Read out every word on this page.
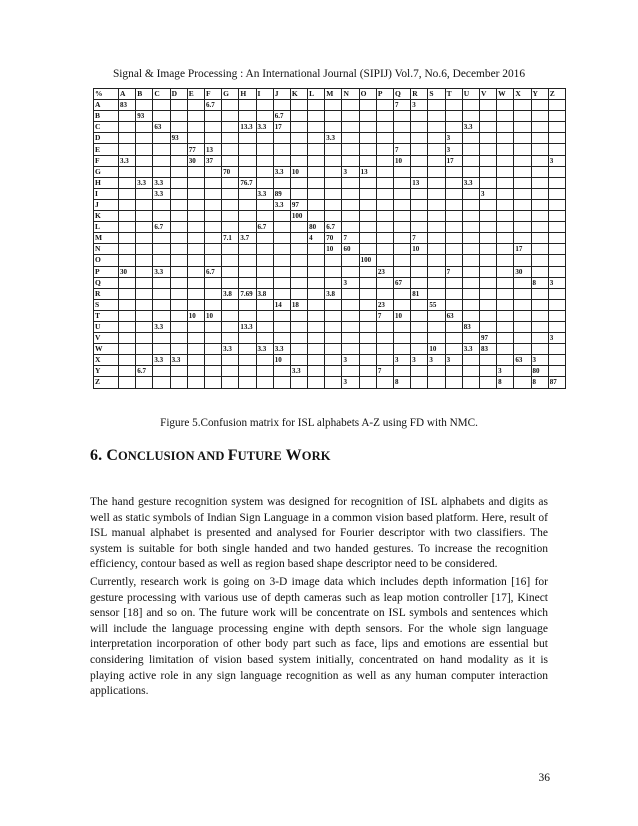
Signal & Image Processing : An International Journal (SIPIJ) Vol.7, No.6, December 2016
%	A	B	C	D	E	F	G	H	I	J	K	L	M	N	O	P	Q	R	S	T	U	V	W	X	Y	Z
A	83					6.7											7	3								
B		93								6.7																
C			63					13.3	3.3	17											3.3					
D				93									3.3							3						
E					77	13											7			3						
F	3.3				30	37											10			17						3
G							70			3.3	10			3	13											
H		3.3	3.3					76.7										13			3.3					
I			3.3						3.3	89												3				
J										3.3	97															
K											100															
L			6.7						6.7			80	6.7													
M							7.1	3.7				4	70	7				7								
N													10	60				10						17		
O															100											
P	30		3.3			6.7										23				7				30		
Q														3			67								8	3
R							3.8	7.69	3.8				3.8					81								
S										14	18					23			55							
T					10	10										7	10			63						
U			3.3					13.3													83					
V																						97				3
W							3.3		3.3	3.3									10		3.3	83				
X			3.3	3.3						10				3			3	3	3	3				63	3	
Y		6.7									3.3					7							3		80	
Z														3			8						8		8	87
Figure 5.Confusion matrix for ISL alphabets A-Z using FD with NMC.
6. CONCLUSION AND FUTURE WORK

The hand gesture recognition system was designed for recognition of ISL alphabets and digits as well as static symbols of Indian Sign Language in a common vision based platform. Here, result of ISL manual alphabet is presented and analysed for Fourier descriptor with two classifiers. The system is suitable for both single handed and two handed gestures. To increase the recognition efficiency, contour based as well as region based shape descriptor need to be considered.

Currently, research work is going on 3-D image data which includes depth information [16] for gesture processing with various use of depth cameras such as leap motion controller [17], Kinect sensor [18] and so on. The future work will be concentrate on ISL symbols and sentences which will include the language processing engine with depth sensors. For the whole sign language interpretation incorporation of other body part such as face, lips and emotions are essential but considering limitation of vision based system initially, concentrated on hand modality as it is playing active role in any sign language recognition as well as any human computer interaction applications.

36
